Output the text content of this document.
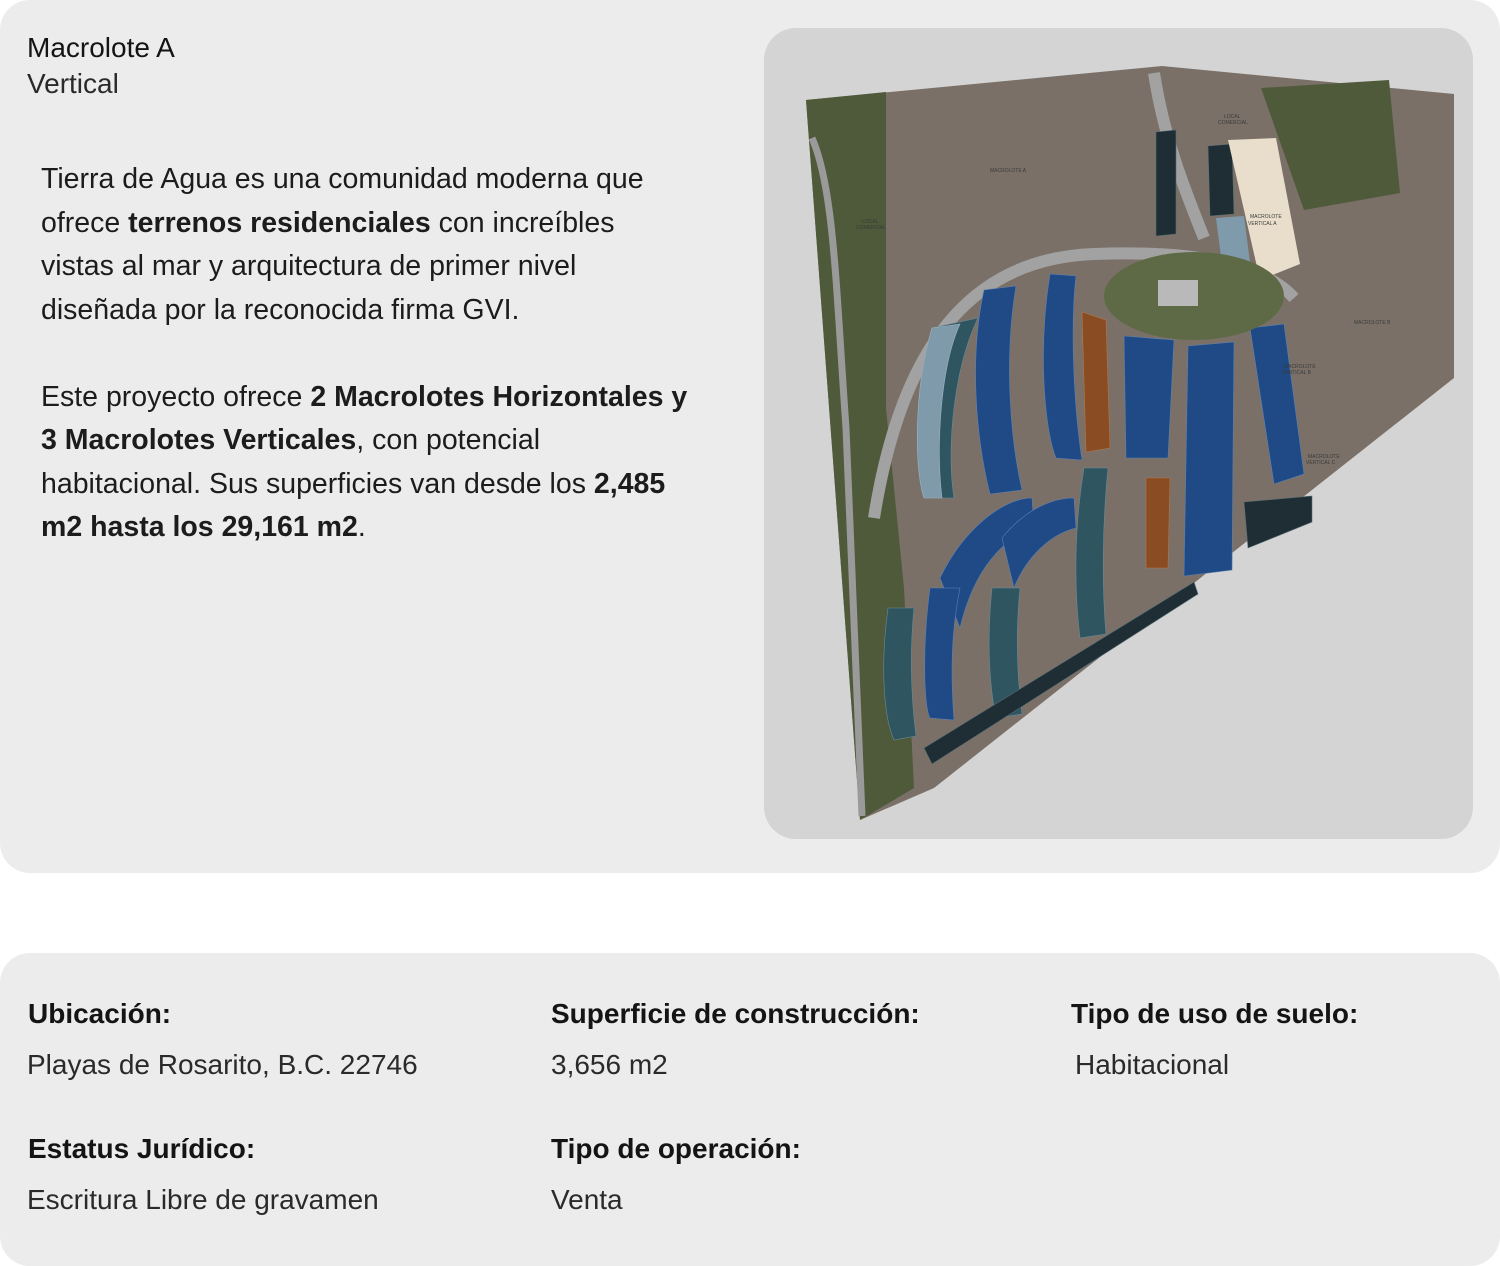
Macrolote A
Vertical

Tierra de Agua es una comunidad moderna que ofrece terrenos residenciales con increíbles vistas al mar y arquitectura de primer nivel diseñada por la reconocida firma GVI.

Este proyecto ofrece 2 Macrolotes Horizontales y 3 Macrolotes Verticales, con potencial habitacional. Sus superficies van desde los 2,485 m2 hasta los 29,161 m2.

MACROLOTE A
MACROLOTE B
LOCAL
COMERCIAL
LOCAL
COMERCIAL
MACROLOTE
VERTICAL A
MACROLOTE
VERTICAL B
MACROLOTE
VERTICAL C
Ubicación:
Playas de Rosarito, B.C. 22746
Superficie de construcción:
3,656 m2
Tipo de uso de suelo:
Habitacional
Estatus Jurídico:
Escritura Libre de gravamen
Tipo de operación:
Venta
